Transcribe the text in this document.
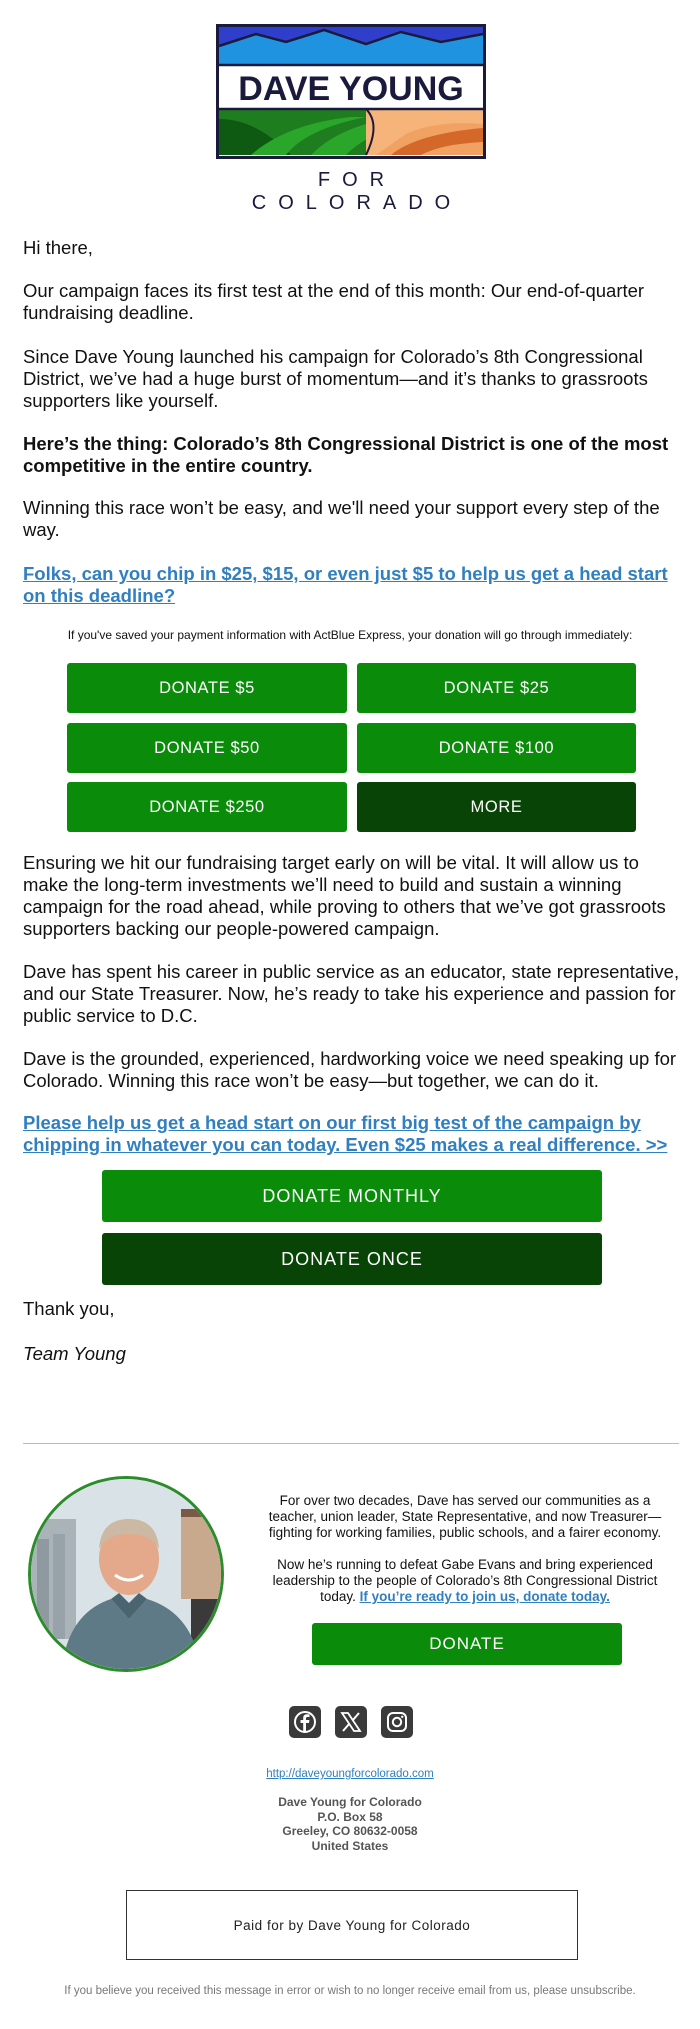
DAVE YOUNG
FOR COLORADO

Hi there,

Our campaign faces its first test at the end of this month: Our end-of-quarter fundraising deadline.

Since Dave Young launched his campaign for Colorado’s 8th Congressional District, we’ve had a huge burst of momentum—and it’s thanks to grassroots supporters like yourself.

Here’s the thing: Colorado’s 8th Congressional District is one of the most competitive in the entire country.

Winning this race won’t be easy, and we'll need your support every step of the way.

Folks, can you chip in $25, $15, or even just $5 to help us get a head start on this deadline?

If you've saved your payment information with ActBlue Express, your donation will go through immediately:
DONATE $5	DONATE $25
DONATE $50	DONATE $100
DONATE $250	MORE

Ensuring we hit our fundraising target early on will be vital. It will allow us to make the long-term investments we’ll need to build and sustain a winning campaign for the road ahead, while proving to others that we’ve got grassroots supporters backing our people-powered campaign.

Dave has spent his career in public service as an educator, state representative, and our State Treasurer. Now, he’s ready to take his experience and passion for public service to D.C.

Dave is the grounded, experienced, hardworking voice we need speaking up for Colorado. Winning this race won’t be easy—but together, we can do it.

Please help us get a head start on our first big test of the campaign by chipping in whatever you can today. Even $25 makes a real difference. >>

DONATE MONTHLY
DONATE ONCE

Thank you,

Team Young

For over two decades, Dave has served our communities as a teacher, union leader, State Representative, and now Treasurer—fighting for working families, public schools, and a fairer economy.

Now he’s running to defeat Gabe Evans and bring experienced leadership to the people of Colorado’s 8th Congressional District today. If you’re ready to join us, donate today.

DONATE
http://daveyoungforcolorado.com
Dave Young for Colorado
P.O. Box 58
Greeley, CO 80632-0058
United States
Paid for by Dave Young for Colorado
If you believe you received this message in error or wish to no longer receive email from us, please unsubscribe.
